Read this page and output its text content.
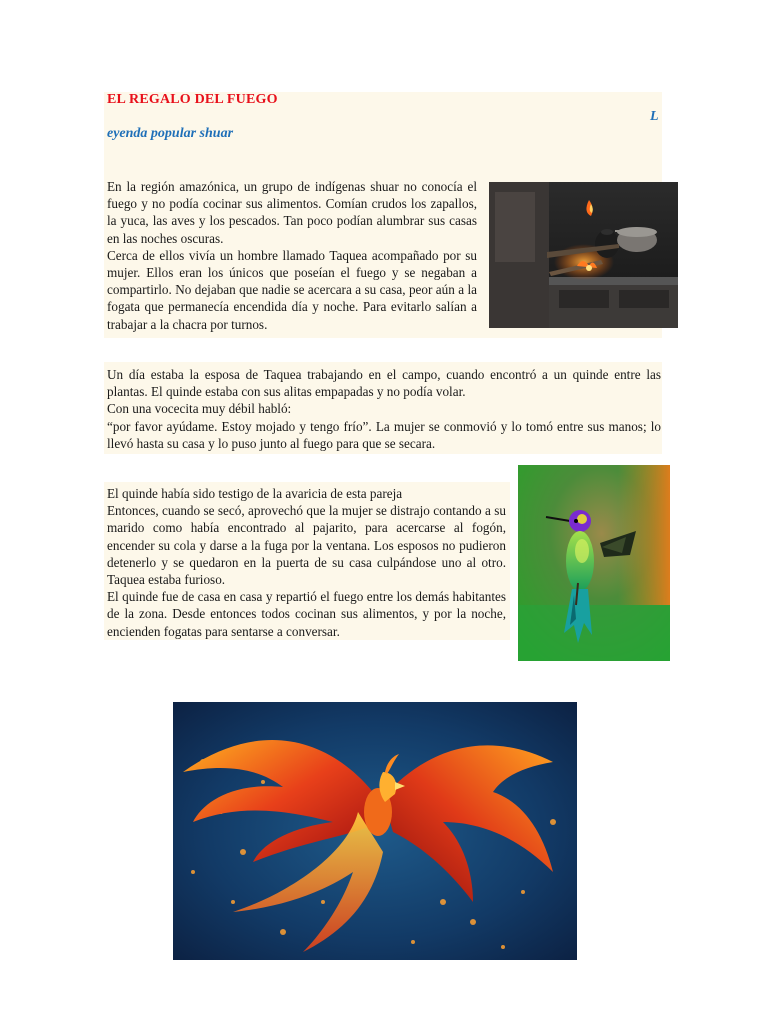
EL REGALO DEL FUEGO
L
eyenda popular shuar

En la región amazónica, un grupo de indígenas shuar no conocía el fuego y no podía cocinar sus alimentos. Comían crudos los zapallos, la yuca, las aves y los pescados. Tan poco podían alumbrar sus casas en las noches oscuras.

Cerca de ellos vivía un hombre llamado Taquea acompañado por su mujer. Ellos eran los únicos que poseían el fuego y se negaban a compartirlo. No dejaban que nadie se acercara a su casa, peor aún a la fogata que permanecía encendida día y noche. Para evitarlo salían a trabajar a la chacra por turnos.

Un día estaba la esposa de Taquea trabajando en el campo, cuando encontró a un quinde entre las plantas. El quinde estaba con sus alitas empapadas y no podía volar.

Con una vocecita muy débil habló:

“por favor ayúdame. Estoy mojado y tengo frío”. La mujer se conmovió y lo tomó entre sus manos; lo llevó hasta su casa y lo puso junto al fuego para que se secara.

El quinde había sido testigo de la avaricia de esta pareja

Entonces, cuando se secó, aprovechó que la mujer se distrajo contando a su marido como había encontrado al pajarito, para acercarse al fogón, encender su cola y darse a la fuga por la ventana. Los esposos no pudieron detenerlo y se quedaron en la puerta de su casa culpándose uno al otro. Taquea estaba furioso.

El quinde fue de casa en casa y repartió el fuego entre los demás habitantes de la zona. Desde entonces todos cocinan sus alimentos, y por la noche, encienden fogatas para sentarse a conversar.
